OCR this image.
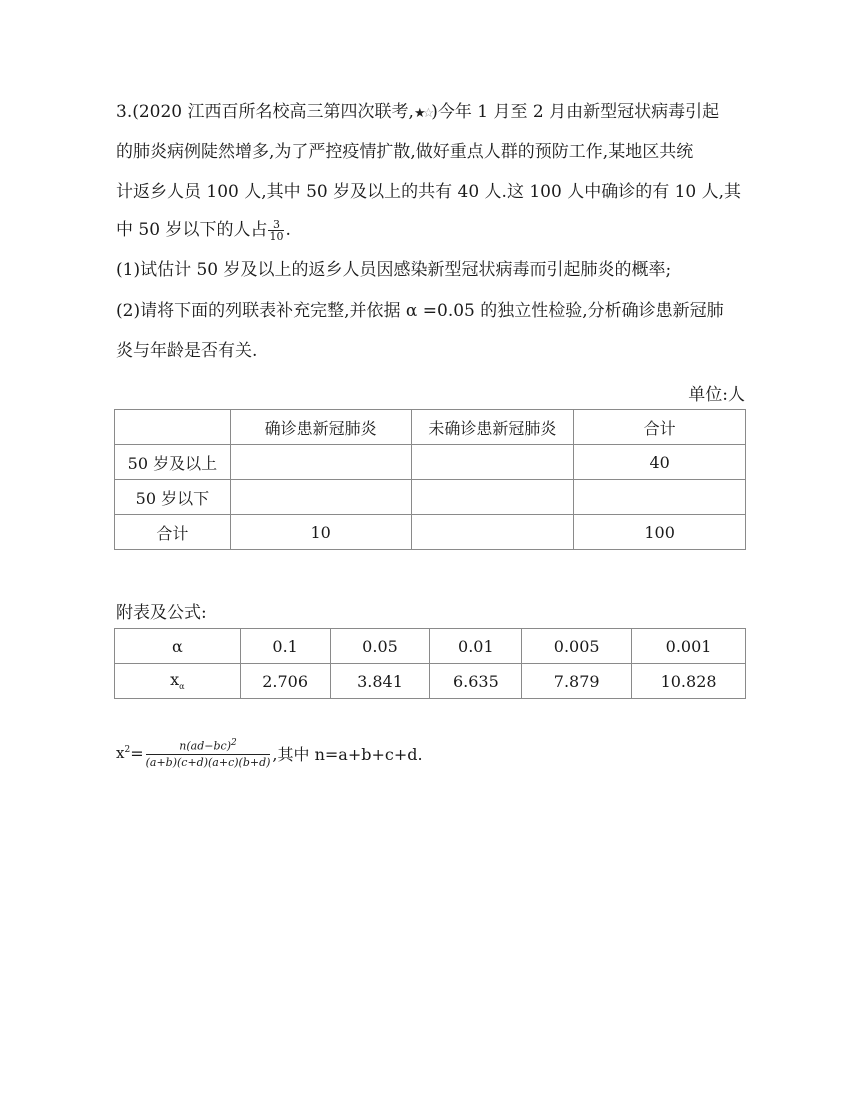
3.(2020 江西百所名校高三第四次联考,★☆)今年 1 月至 2 月由新型冠状病毒引起
的肺炎病例陡然增多,为了严控疫情扩散,做好重点人群的预防工作,某地区共统
计返乡人员 100 人,其中 50 岁及以上的共有 40 人.这 100 人中确诊的有 10 人,其
中 50 岁以下的人占 $\frac{3}{10}$ .
(1)试估计 50 岁及以上的返乡人员因感染新型冠状病毒而引起肺炎的概率;
(2)请将下面的列联表补充完整,并依据 α =0.05 的独立性检验,分析确诊患新冠肺
炎与年龄是否有关.
单位:人
	确诊患新冠肺炎	未确诊患新冠肺炎	合计
50 岁及以上			40
50 岁以下			
合计	10		100
附表及公式:
α	0.1	0.05	0.01	0.005	0.001
$x_\alpha$	2.706	3.841	6.635	7.879	10.828
$x^2 = \frac{n(ad-bc)^2}{(a+b)(c+d)(a+c)(b+d)}$ ,其中 n=a+b+c+d.
